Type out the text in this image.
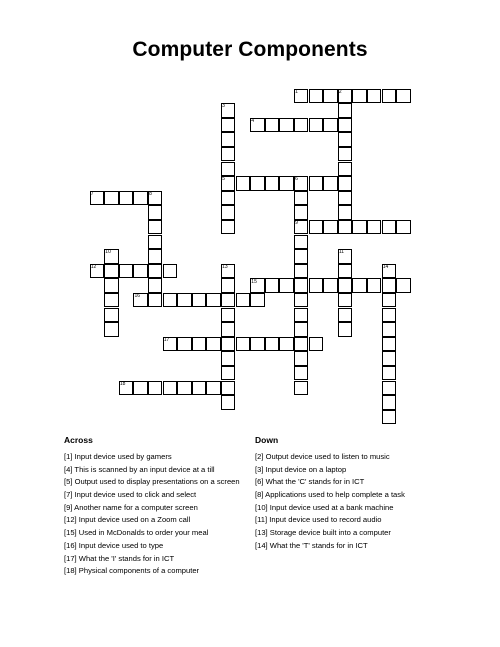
Computer Components
1	2
3
4
5	6
7	8
9
10	11
12	13	14
15
16
17
18
Across
[1] Input device used by gamers
[4] This is scanned by an input device at a till
[5] Output used to display presentations on a screen
[7] Input device used to click and select
[9] Another name for a computer screen
[12] Input device used on a Zoom call
[15] Used in McDonalds to order your meal
[16] Input device used to type
[17] What the 'I' stands for in ICT
[18] Physical components of a computer
Down
[2] Output device used to listen to music
[3] Input device on a laptop
[6] What the 'C' stands for in ICT
[8] Applications used to help complete a task
[10] Input device used at a bank machine
[11] Input device used to record audio
[13] Storage device built into a computer
[14] What the 'T' stands for in ICT
